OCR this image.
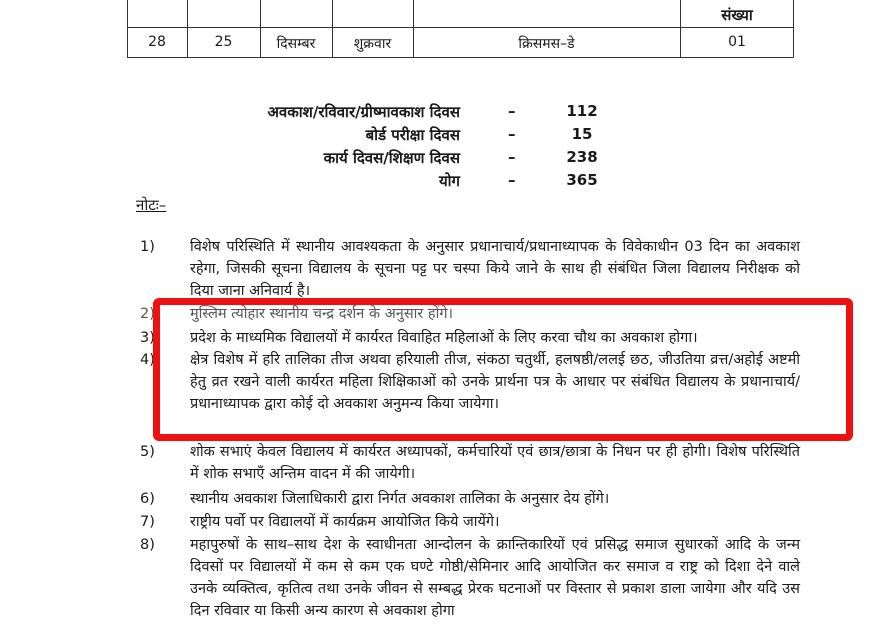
संख्या
28	25	दिसम्बर	शुक्रवार	क्रिसमस–डे	01
अवकाश/रविवार/ग्रीष्मावकाश दिवस	–	112
बोर्ड परीक्षा दिवस	–	15
कार्य दिवस/शिक्षण दिवस	–	238
योग	–	365
नोटः–
1)	विशेष परिस्थिति में स्थानीय आवश्यकता के अनुसार प्रधानाचार्य/प्रधानाध्यापक के विवेकाधीन 03 दिन का अवकाश रहेगा, जिसकी सूचना विद्यालय के सूचना पट्ट पर चस्पा किये जाने के साथ ही संबंधित जिला विद्यालय निरीक्षक को दिया जाना अनिवार्य है।
2)	मुस्लिम त्योहार स्थानीय चन्द्र दर्शन के अनुसार होंगे।
3)	प्रदेश के माध्यमिक विद्यालयों में कार्यरत विवाहित महिलाओं के लिए करवा चौथ का अवकाश होगा।
4)	क्षेत्र विशेष में हरि तालिका तीज अथवा हरियाली तीज, संकठा चतुर्थी, हलषष्ठी/ललई छठ, जीउतिया व्रत्त/अहोई अष्टमी हेतु व्रत रखने वाली कार्यरत महिला शिक्षिकाओं को उनके प्रार्थना पत्र के आधार पर संबंधित विद्यालय के प्रधानाचार्य/प्रधानाध्यापक द्वारा कोई दो अवकाश अनुमन्य किया जायेगा।
5)	शोक सभाएं केवल विद्यालय में कार्यरत अध्यापकों, कर्मचारियों एवं छात्र/छात्रा के निधन पर ही होगी। विशेष परिस्थिति में शोक सभाएँ अन्तिम वादन में की जायेगी।
6)	स्थानीय अवकाश जिलाधिकारी द्वारा निर्गत अवकाश तालिका के अनुसार देय होंगे।
7)	राष्ट्रीय पर्वो पर विद्यालयों में कार्यक्रम आयोजित किये जायेंगे।
8)	महापुरुषों के साथ–साथ देश के स्वाधीनता आन्दोलन के क्रान्तिकारियों एवं प्रसिद्ध समाज सुधारकों आदि के जन्म दिवसों पर विद्यालयों में कम से कम एक घण्टे गोष्ठी/सेमिनार आदि आयोजित कर समाज व राष्ट्र को दिशा देने वाले उनके व्यक्तित्व, कृतित्व तथा उनके जीवन से सम्बद्ध प्रेरक घटनाओं पर विस्तार से प्रकाश डाला जायेगा और यदि उस दिन रविवार या किसी अन्य कारण से अवकाश होगा
